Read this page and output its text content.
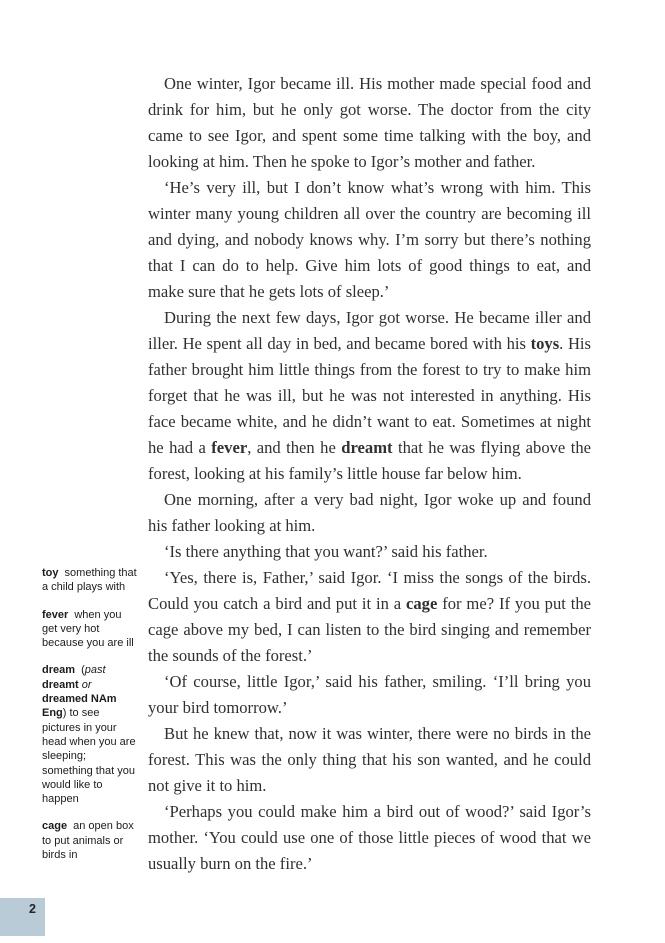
toy something that a child plays with

fever when you get very hot because you are ill

dream (past dreamt or dreamed NAm Eng) to see pictures in your head when you are sleeping; something that you would like to happen

cage an open box to put animals or birds in

One winter, Igor became ill. His mother made special food and drink for him, but he only got worse. The doctor from the city came to see Igor, and spent some time talking with the boy, and looking at him. Then he spoke to Igor’s mother and father.

‘He’s very ill, but I don’t know what’s wrong with him. This winter many young children all over the country are becoming ill and dying, and nobody knows why. I’m sorry but there’s nothing that I can do to help. Give him lots of good things to eat, and make sure that he gets lots of sleep.’

During the next few days, Igor got worse. He became iller and iller. He spent all day in bed, and became bored with his toys. His father brought him little things from the forest to try to make him forget that he was ill, but he was not interested in anything. His face became white, and he didn’t want to eat. Sometimes at night he had a fever, and then he dreamt that he was flying above the forest, looking at his family’s little house far below him.

One morning, after a very bad night, Igor woke up and found his father looking at him.

‘Is there anything that you want?’ said his father.

‘Yes, there is, Father,’ said Igor. ‘I miss the songs of the birds. Could you catch a bird and put it in a cage for me? If you put the cage above my bed, I can listen to the bird singing and remember the sounds of the forest.’

‘Of course, little Igor,’ said his father, smiling. ‘I’ll bring you your bird tomorrow.’

But he knew that, now it was winter, there were no birds in the forest. This was the only thing that his son wanted, and he could not give it to him.

‘Perhaps you could make him a bird out of wood?’ said Igor’s mother. ‘You could use one of those little pieces of wood that we usually burn on the fire.’

2
